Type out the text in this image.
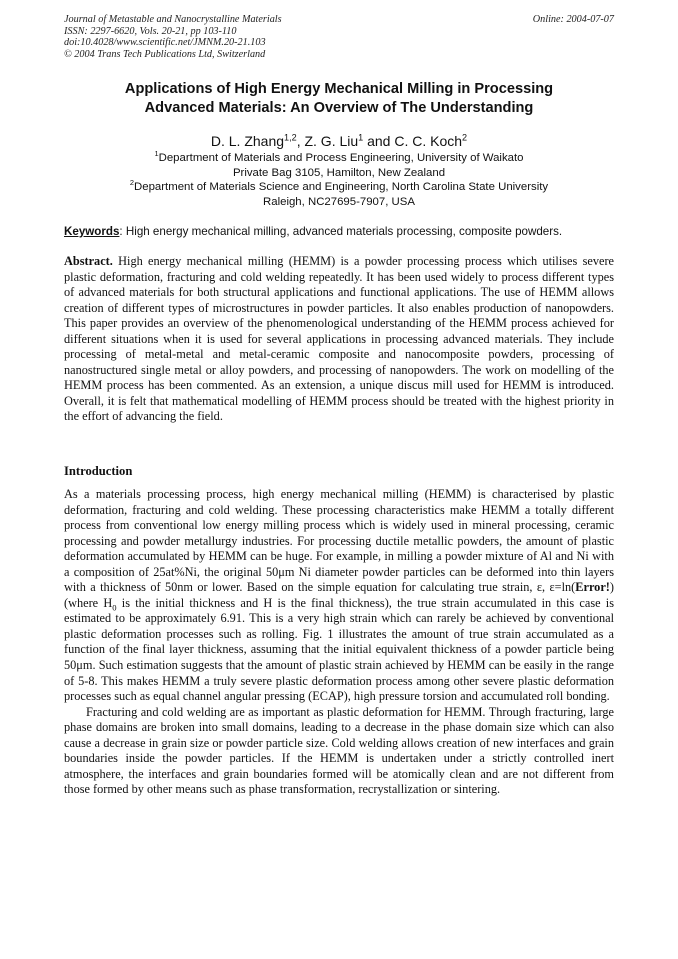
Journal of Metastable and Nanocrystalline Materials
ISSN: 2297-6620, Vols. 20-21, pp 103-110
doi:10.4028/www.scientific.net/JMNM.20-21.103
© 2004 Trans Tech Publications Ltd, Switzerland
Online: 2004-07-07
Applications of High Energy Mechanical Milling in Processing
Advanced Materials: An Overview of The Understanding
D. L. Zhang$^{1,2}$, Z. G. Liu$^1$ and C. C. Koch$^2$
$^1$Department of Materials and Process Engineering, University of Waikato
Private Bag 3105, Hamilton, New Zealand
$^2$Department of Materials Science and Engineering, North Carolina State University
Raleigh, NC27695-7907, USA
Keywords: High energy mechanical milling, advanced materials processing, composite powders.

Abstract. High energy mechanical milling (HEMM) is a powder processing process which utilises severe plastic deformation, fracturing and cold welding repeatedly. It has been used widely to process different types of advanced materials for both structural applications and functional applications. The use of HEMM allows creation of different types of microstructures in powder particles. It also enables production of nanopowders. This paper provides an overview of the phenomenological understanding of the HEMM process achieved for different situations when it is used for several applications in processing advanced materials. They include processing of metal-metal and metal-ceramic composite and nanocomposite powders, processing of nanostructured single metal or alloy powders, and processing of nanopowders. The work on modelling of the HEMM process has been commented. As an extension, a unique discus mill used for HEMM is introduced. Overall, it is felt that mathematical modelling of HEMM process should be treated with the highest priority in the effort of advancing the field.

Introduction

As a materials processing process, high energy mechanical milling (HEMM) is characterised by plastic deformation, fracturing and cold welding. These processing characteristics make HEMM a totally different process from conventional low energy milling process which is widely used in mineral processing, ceramic processing and powder metallurgy industries. For processing ductile metallic powders, the amount of plastic deformation accumulated by HEMM can be huge. For example, in milling a powder mixture of Al and Ni with a composition of 25at%Ni, the original 50μm Ni diameter powder particles can be deformed into thin layers with a thickness of 50nm or lower. Based on the simple equation for calculating true strain, ε, ε=ln(Error!) (where $H_0$ is the initial thickness and H is the final thickness), the true strain accumulated in this case is estimated to be approximately 6.91. This is a very high strain which can rarely be achieved by conventional plastic deformation processes such as rolling. Fig. 1 illustrates the amount of true strain accumulated as a function of the final layer thickness, assuming that the initial equivalent thickness of a powder particle being 50μm. Such estimation suggests that the amount of plastic strain achieved by HEMM can be easily in the range of 5-8. This makes HEMM a truly severe plastic deformation process among other severe plastic deformation processes such as equal channel angular pressing (ECAP), high pressure torsion and accumulated roll bonding.

Fracturing and cold welding are as important as plastic deformation for HEMM. Through fracturing, large phase domains are broken into small domains, leading to a decrease in the phase domain size which can also cause a decrease in grain size or powder particle size. Cold welding allows creation of new interfaces and grain boundaries inside the powder particles. If the HEMM is undertaken under a strictly controlled inert atmosphere, the interfaces and grain boundaries formed will be atomically clean and are not different from those formed by other means such as phase transformation, recrystallization or sintering.
